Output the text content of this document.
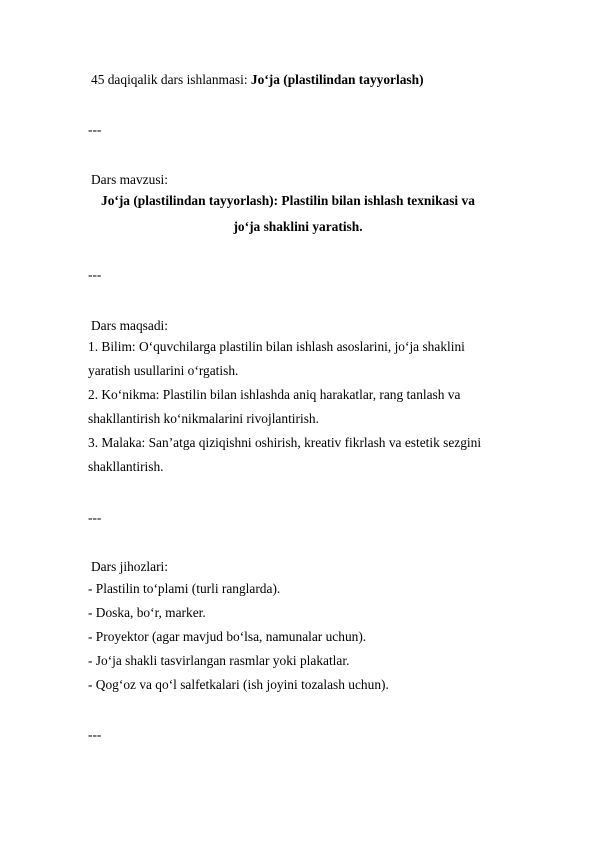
45 daqiqalik dars ishlanmasi: Jo‘ja (plastilindan tayyorlash)
---
Dars mavzusi:
Jo‘ja (plastilindan tayyorlash): Plastilin bilan ishlash texnikasi va
jo‘ja shaklini yaratish.
---
Dars maqsadi:
1. Bilim: O‘quvchilarga plastilin bilan ishlash asoslarini, jo‘ja shaklini
yaratish usullarini o‘rgatish.
2. Ko‘nikma: Plastilin bilan ishlashda aniq harakatlar, rang tanlash va
shakllantirish ko‘nikmalarini rivojlantirish.
3. Malaka: San’atga qiziqishni oshirish, kreativ fikrlash va estetik sezgini
shakllantirish.
---
Dars jihozlari:
- Plastilin to‘plami (turli ranglarda).
- Doska, bo‘r, marker.
- Proyektor (agar mavjud bo‘lsa, namunalar uchun).
- Jo‘ja shakli tasvirlangan rasmlar yoki plakatlar.
- Qog‘oz va qo‘l salfetkalari (ish joyini tozalash uchun).
---
